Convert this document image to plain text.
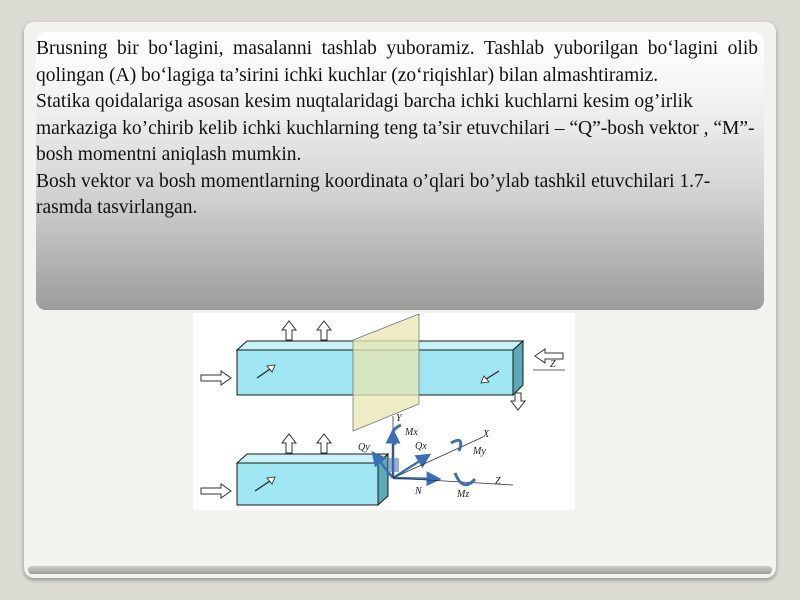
Brusning bir bo‘lagini, masalanni tashlab yuboramiz. Tashlab yuborilgan bo‘lagini olib qolingan (A) bo‘lagiga ta’sirini ichki kuchlar (zo‘riqishlar) bilan almashtiramiz.

Statika qoidalariga asosan kesim nuqtalaridagi barcha ichki kuchlarni kesim og’irlik markaziga ko’chirib kelib ichki kuchlarning teng ta’sir etuvchilari – “Q”-bosh vektor , “M”- bosh momentni aniqlash mumkin.

Bosh vektor va bosh momentlarning koordinata o’qlari bo’ylab tashkil etuvchilari 1.7-rasmda tasvirlangan.

Z
Y
Mx	X
Qy	Qx	My
Z
N	Mz
